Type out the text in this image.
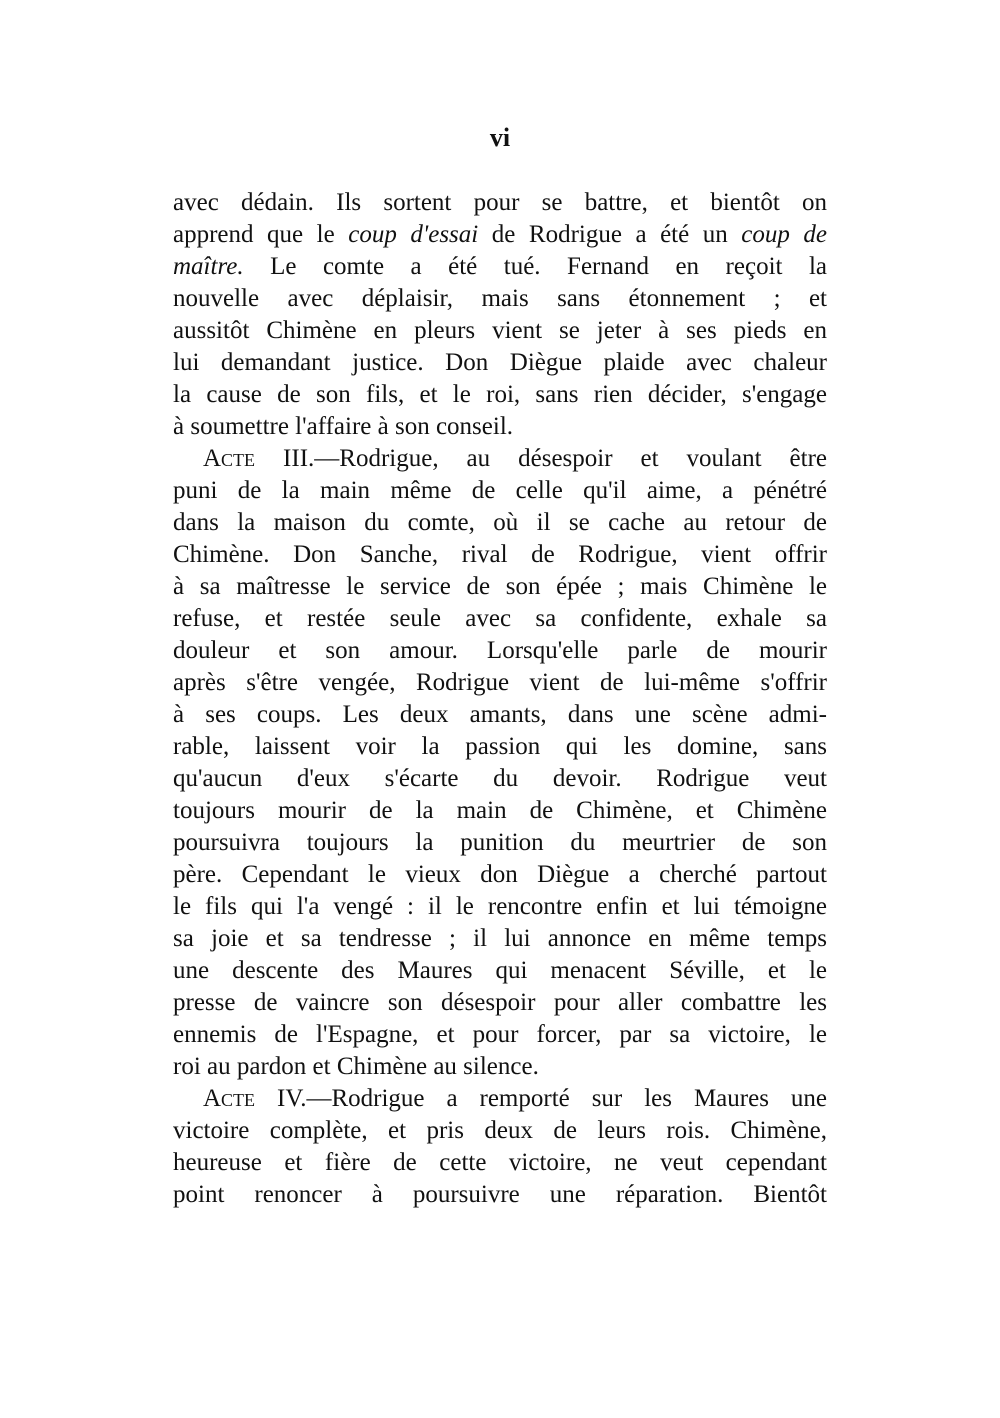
vi
avec dédain. Ils sortent pour se battre, et bientôt on
apprend que le coup d'essai de Rodrigue a été un coup de
maître. Le comte a été tué. Fernand en reçoit la
nouvelle avec déplaisir, mais sans étonnement ; et
aussitôt Chimène en pleurs vient se jeter à ses pieds en
lui demandant justice. Don Diègue plaide avec chaleur
la cause de son fils, et le roi, sans rien décider, s'engage
à soumettre l'affaire à son conseil.
Acte III.—Rodrigue, au désespoir et voulant être
puni de la main même de celle qu'il aime, a pénétré
dans la maison du comte, où il se cache au retour de
Chimène. Don Sanche, rival de Rodrigue, vient offrir
à sa maîtresse le service de son épée ; mais Chimène le
refuse, et restée seule avec sa confidente, exhale sa
douleur et son amour. Lorsqu'elle parle de mourir
après s'être vengée, Rodrigue vient de lui-même s'offrir
à ses coups. Les deux amants, dans une scène admi-
rable, laissent voir la passion qui les domine, sans
qu'aucun d'eux s'écarte du devoir. Rodrigue veut
toujours mourir de la main de Chimène, et Chimène
poursuivra toujours la punition du meurtrier de son
père. Cependant le vieux don Diègue a cherché partout
le fils qui l'a vengé : il le rencontre enfin et lui témoigne
sa joie et sa tendresse ; il lui annonce en même temps
une descente des Maures qui menacent Séville, et le
presse de vaincre son désespoir pour aller combattre les
ennemis de l'Espagne, et pour forcer, par sa victoire, le
roi au pardon et Chimène au silence.
Acte IV.—Rodrigue a remporté sur les Maures une
victoire complète, et pris deux de leurs rois. Chimène,
heureuse et fière de cette victoire, ne veut cependant
point renoncer à poursuivre une réparation. Bientôt
